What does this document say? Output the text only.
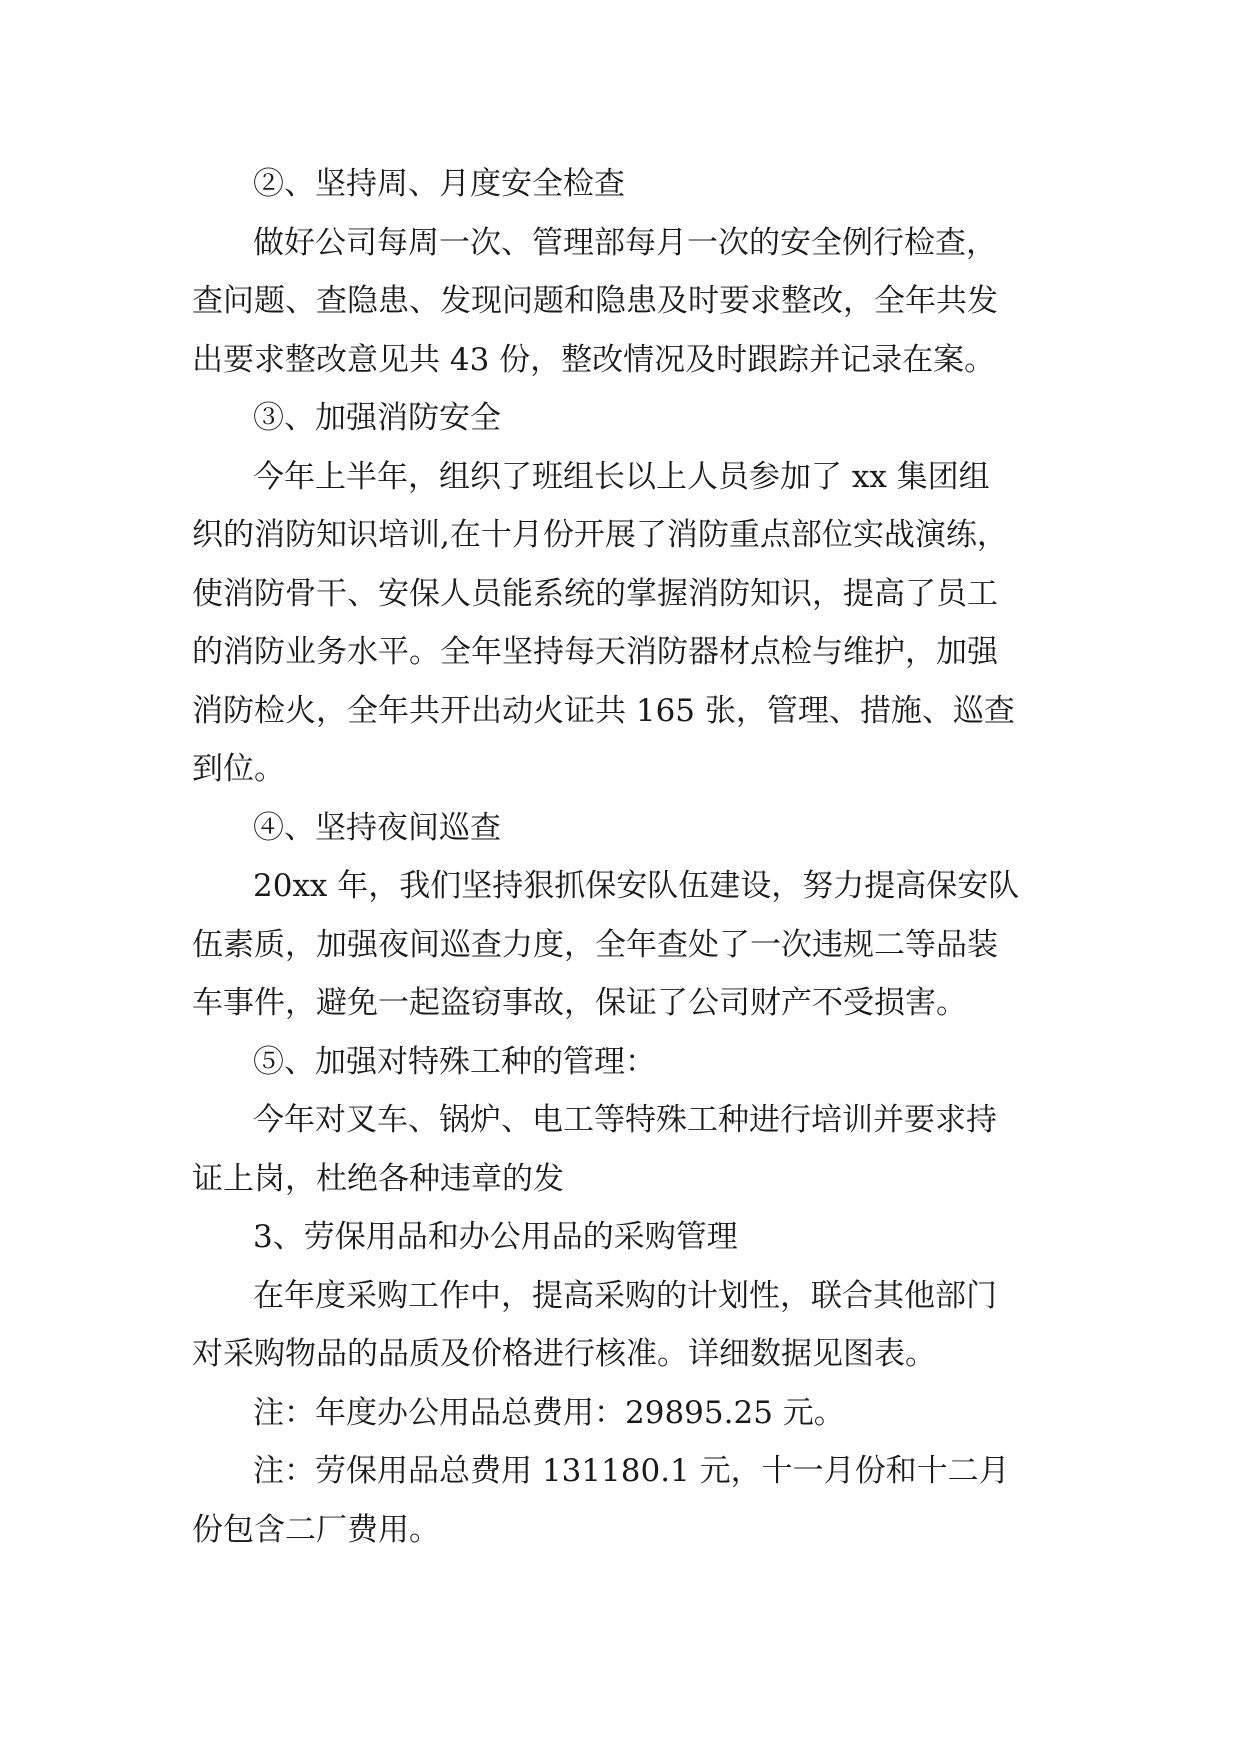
②、坚持周、月度安全检查
做好公司每周一次、管理部每月一次的安全例行检查，
查问题、查隐患、发现问题和隐患及时要求整改，全年共发
出要求整改意见共 43 份，整改情况及时跟踪并记录在案。
③、加强消防安全
今年上半年，组织了班组长以上人员参加了 xx 集团组
织的消防知识培训,在十月份开展了消防重点部位实战演练，
使消防骨干、安保人员能系统的掌握消防知识，提高了员工
的消防业务水平。全年坚持每天消防器材点检与维护，加强
消防检火，全年共开出动火证共 165 张，管理、措施、巡查
到位。
④、坚持夜间巡查
20xx 年，我们坚持狠抓保安队伍建设，努力提高保安队
伍素质，加强夜间巡查力度，全年查处了一次违规二等品装
车事件，避免一起盗窃事故，保证了公司财产不受损害。
⑤、加强对特殊工种的管理：
今年对叉车、锅炉、电工等特殊工种进行培训并要求持
证上岗，杜绝各种违章的发
3、劳保用品和办公用品的采购管理
在年度采购工作中，提高采购的计划性，联合其他部门
对采购物品的品质及价格进行核准。详细数据见图表。
注：年度办公用品总费用：29895.25 元。
注：劳保用品总费用 131180.1 元，十一月份和十二月
份包含二厂费用。
